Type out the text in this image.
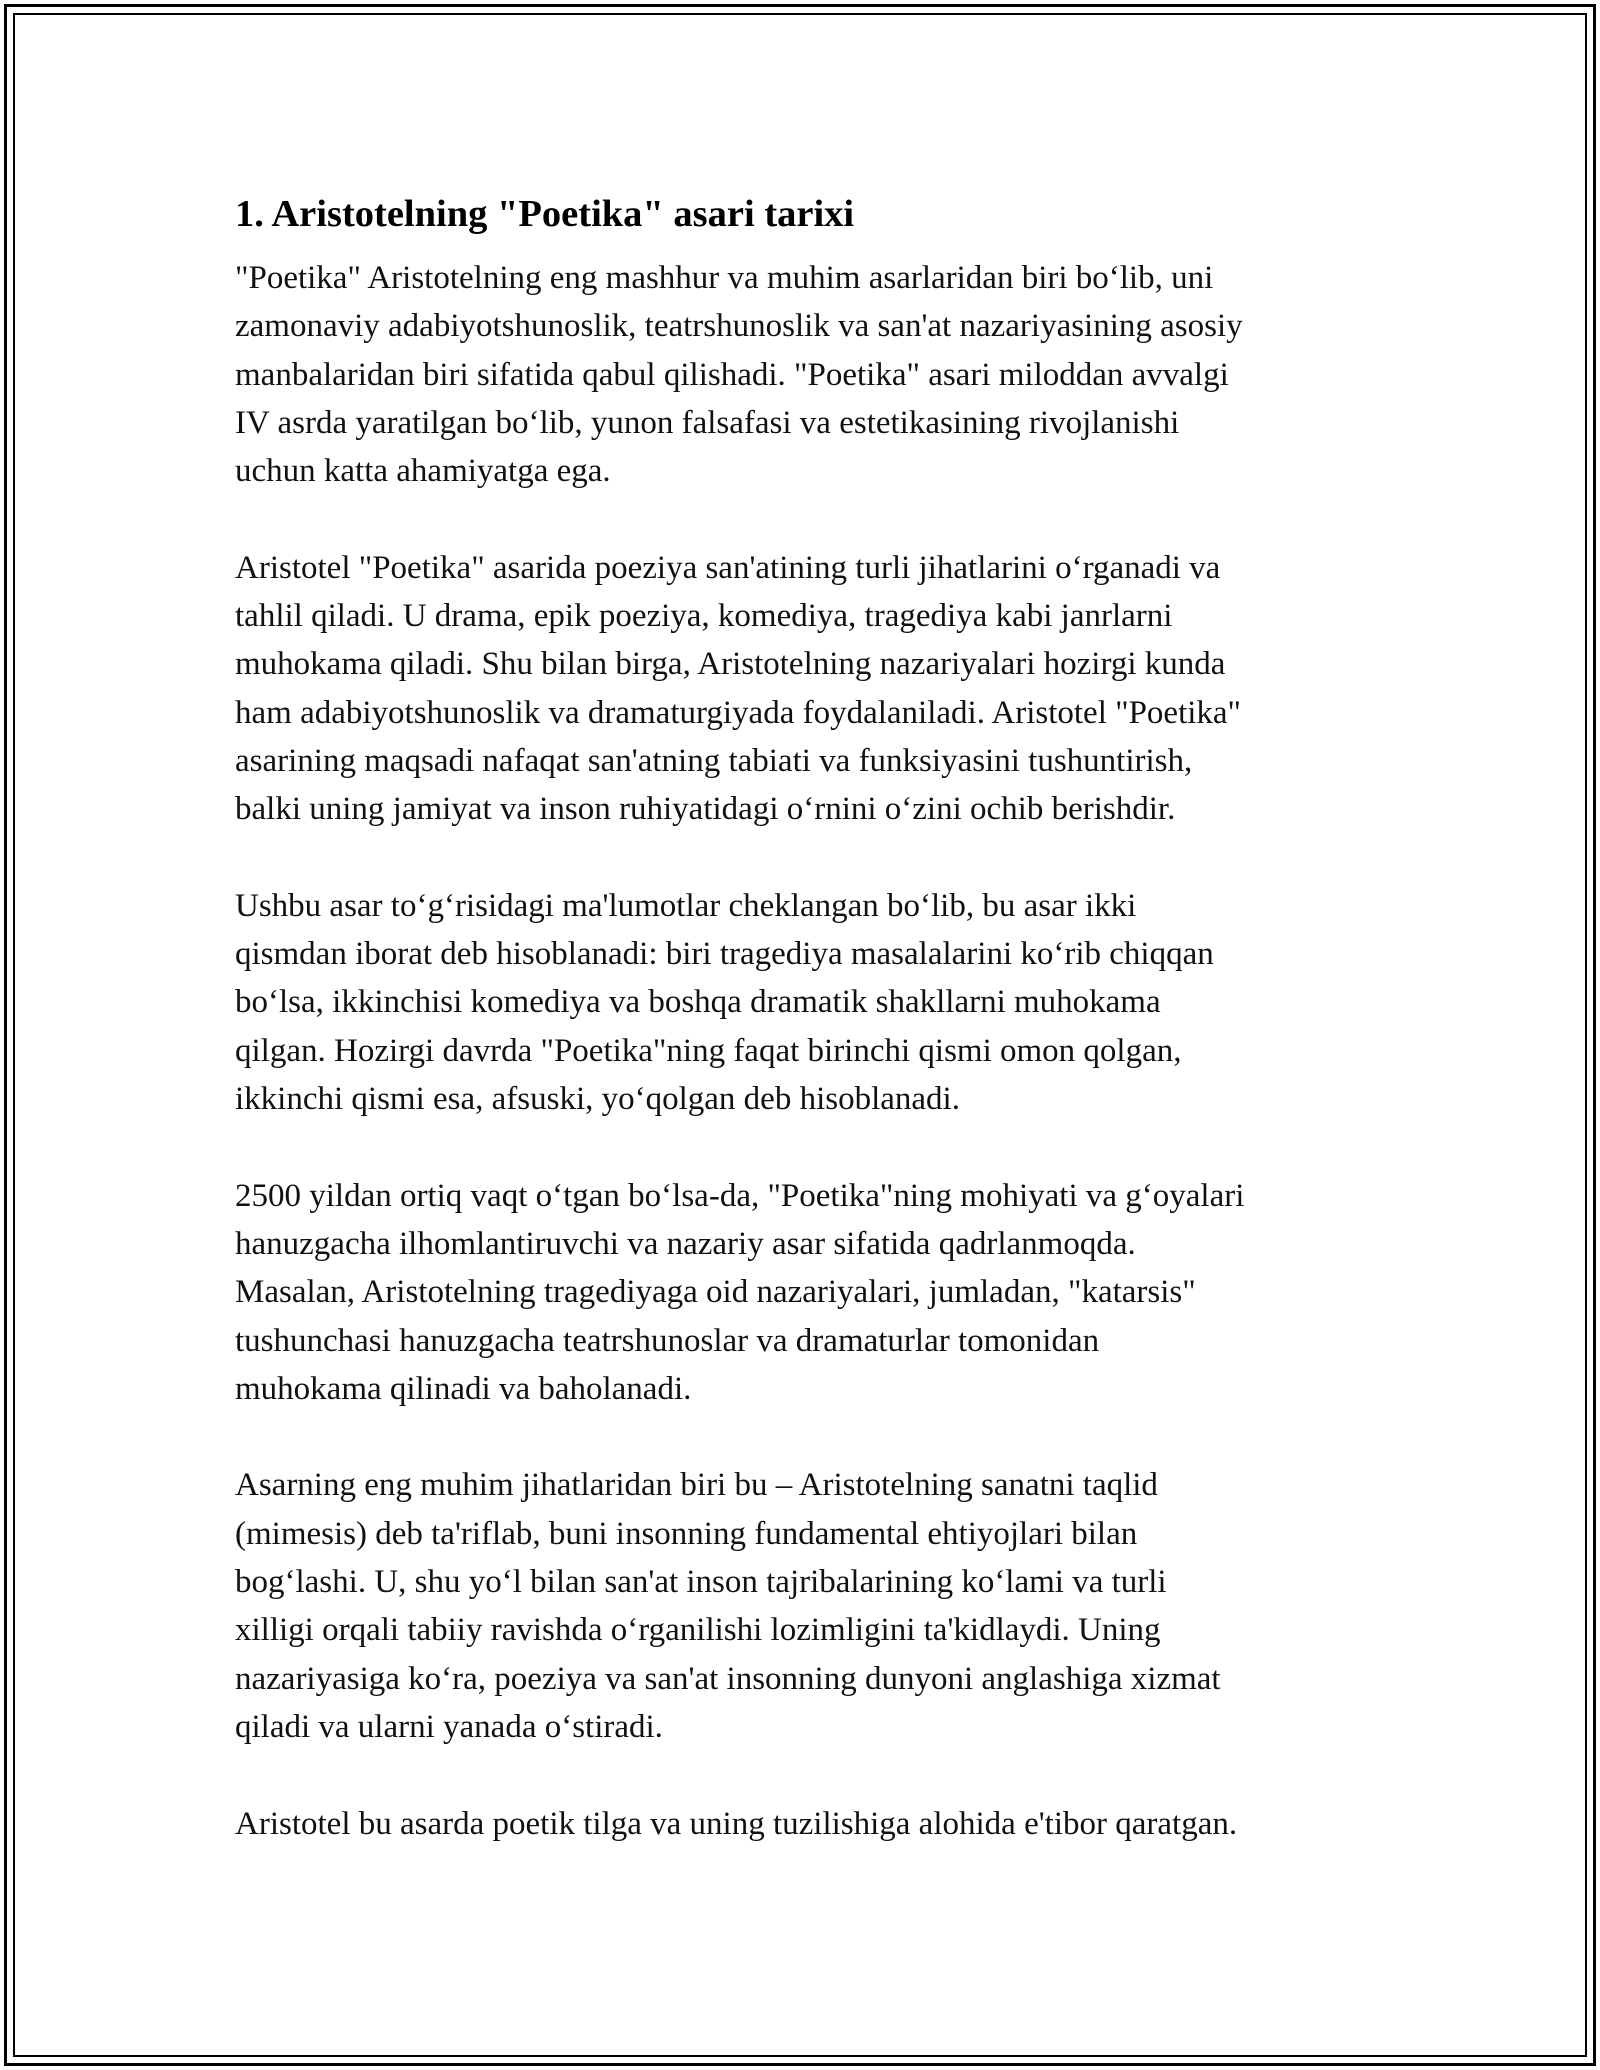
1. Aristotelning "Poetika" asari tarixi
"Poetika" Aristotelning eng mashhur va muhim asarlaridan biri bo‘lib, uni
zamonaviy adabiyotshunoslik, teatrshunoslik va san'at nazariyasining asosiy
manbalaridan biri sifatida qabul qilishadi. "Poetika" asari miloddan avvalgi
IV asrda yaratilgan bo‘lib, yunon falsafasi va estetikasining rivojlanishi
uchun katta ahamiyatga ega.
Aristotel "Poetika" asarida poeziya san'atining turli jihatlarini o‘rganadi va
tahlil qiladi. U drama, epik poeziya, komediya, tragediya kabi janrlarni
muhokama qiladi. Shu bilan birga, Aristotelning nazariyalari hozirgi kunda
ham adabiyotshunoslik va dramaturgiyada foydalaniladi. Aristotel "Poetika"
asarining maqsadi nafaqat san'atning tabiati va funksiyasini tushuntirish,
balki uning jamiyat va inson ruhiyatidagi o‘rnini o‘zini ochib berishdir.
Ushbu asar to‘g‘risidagi ma'lumotlar cheklangan bo‘lib, bu asar ikki
qismdan iborat deb hisoblanadi: biri tragediya masalalarini ko‘rib chiqqan
bo‘lsa, ikkinchisi komediya va boshqa dramatik shakllarni muhokama
qilgan. Hozirgi davrda "Poetika"ning faqat birinchi qismi omon qolgan,
ikkinchi qismi esa, afsuski, yo‘qolgan deb hisoblanadi.
2500 yildan ortiq vaqt o‘tgan bo‘lsa-da, "Poetika"ning mohiyati va g‘oyalari
hanuzgacha ilhomlantiruvchi va nazariy asar sifatida qadrlanmoqda.
Masalan, Aristotelning tragediyaga oid nazariyalari, jumladan, "katarsis"
tushunchasi hanuzgacha teatrshunoslar va dramaturlar tomonidan
muhokama qilinadi va baholanadi.
Asarning eng muhim jihatlaridan biri bu – Aristotelning sanatni taqlid
(mimesis) deb ta'riflab, buni insonning fundamental ehtiyojlari bilan
bog‘lashi. U, shu yo‘l bilan san'at inson tajribalarining ko‘lami va turli
xilligi orqali tabiiy ravishda o‘rganilishi lozimligini ta'kidlaydi. Uning
nazariyasiga ko‘ra, poeziya va san'at insonning dunyoni anglashiga xizmat
qiladi va ularni yanada o‘stiradi.
Aristotel bu asarda poetik tilga va uning tuzilishiga alohida e'tibor qaratgan.
